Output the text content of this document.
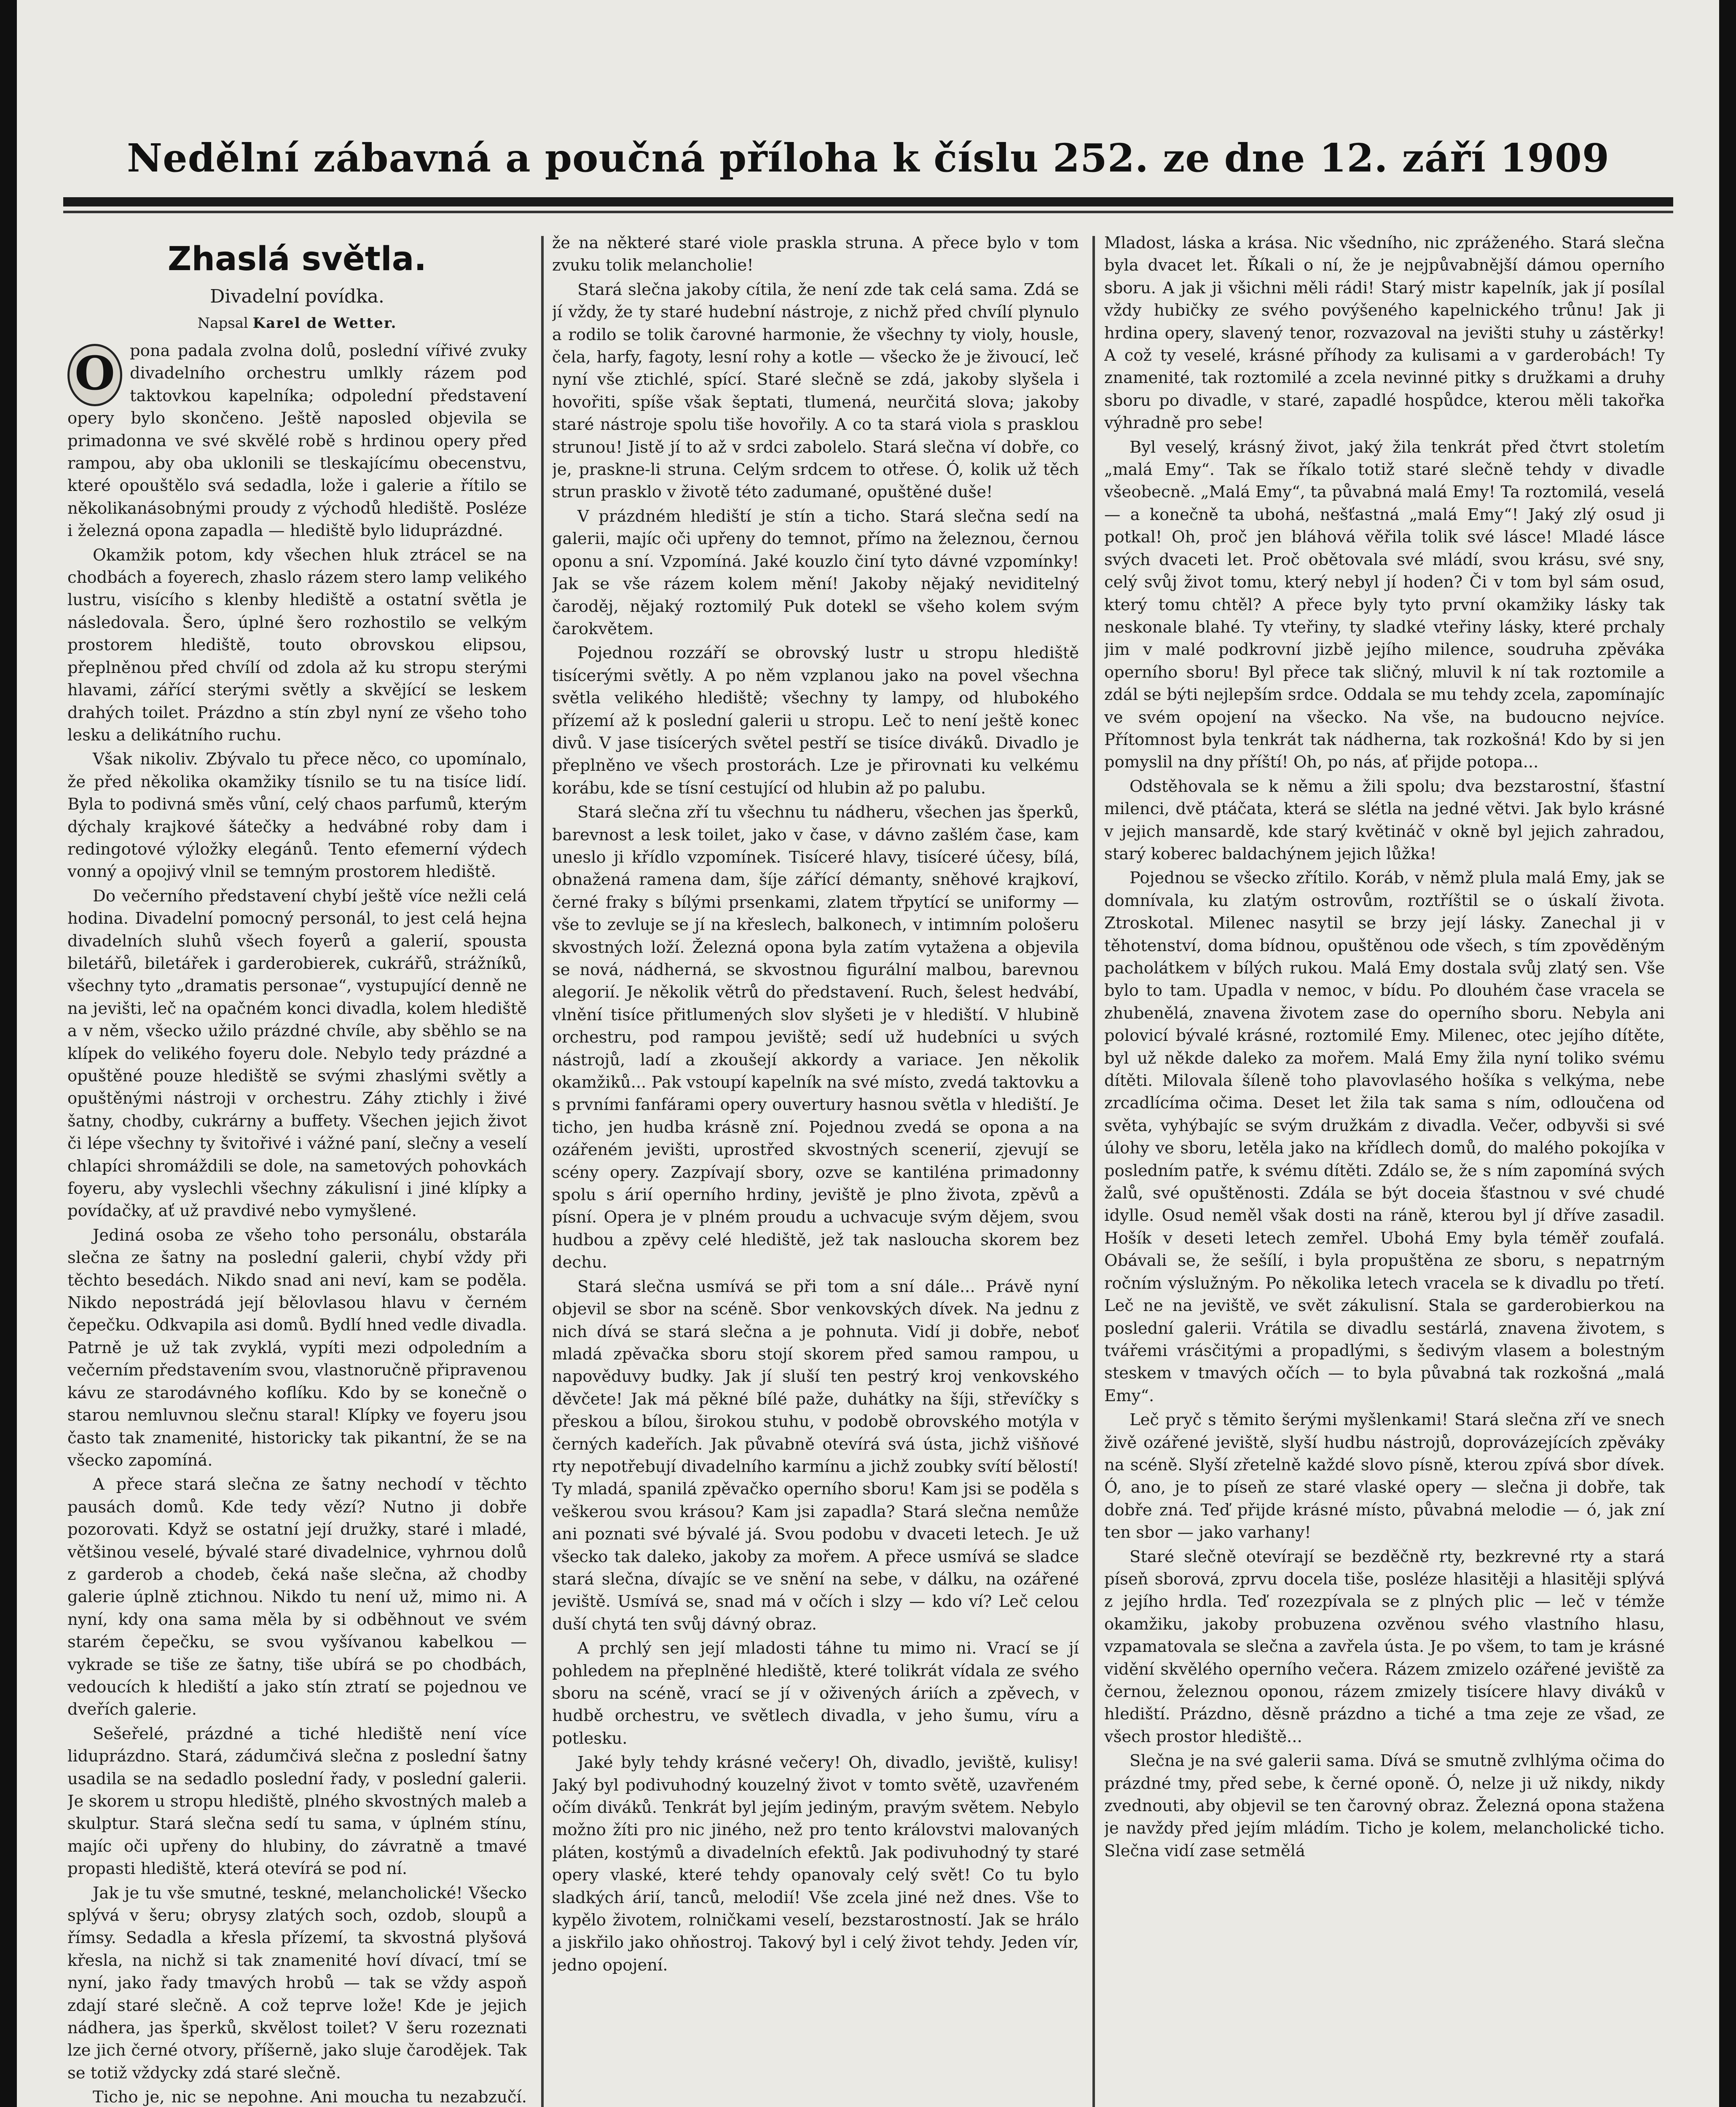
Nedělní zábavná a poučná příloha k číslu 252. ze dne 12. září 1909
Zhaslá světla.
Divadelní povídka.
Napsal Karel de Wetter.
O pona padala zvolna dolů, poslední vířivé zvuky divadelního orchestru umlkly rázem pod taktovkou kapelníka; odpolední představení opery bylo skončeno. Ještě naposled objevila se primadonna ve své skvělé robě s hrdinou opery před rampou, aby oba uklonili se tleskajícímu obecenstvu, které opouštělo svá sedadla, lože i galerie a řítilo se několikanásobnými proudy z východů hlediště. Posléze i železná opona zapadla — hlediště bylo liduprázdné.

Okamžik potom, kdy všechen hluk ztrácel se na chodbách a foyerech, zhaslo rázem stero lamp velikého lustru, visícího s klenby hlediště a ostatní světla je následovala. Šero, úplné šero rozhostilo se velkým prostorem hlediště, touto obrovskou elipsou, přeplněnou před chvílí od zdola až ku stropu sterými hlavami, zářící sterými světly a skvějící se leskem drahých toilet. Prázdno a stín zbyl nyní ze všeho toho lesku a delikátního ruchu.

Však nikoliv. Zbývalo tu přece něco, co upomínalo, že před několika okamžiky tísnilo se tu na tisíce lidí. Byla to podivná směs vůní, celý chaos parfumů, kterým dýchaly krajkové šátečky a hedvábné roby dam i redingotové výložky elegánů. Tento efemerní výdech vonný a opojivý vlnil se temným prostorem hlediště.

Do večerního představení chybí ještě více nežli celá hodina. Divadelní pomocný personál, to jest celá hejna divadelních sluhů všech foyerů a galerií, spousta biletářů, biletářek i garderobierek, cukrářů, strážníků, všechny tyto „dramatis personae“, vystupující denně ne na jevišti, leč na opačném konci divadla, kolem hlediště a v něm, všecko užilo prázdné chvíle, aby sběhlo se na klípek do velikého foyeru dole. Nebylo tedy prázdné a opuštěné pouze hlediště se svými zhaslými světly a opuštěnými nástroji v orchestru. Záhy ztichly i živé šatny, chodby, cukrárny a buffety. Všechen jejich život či lépe všechny ty švitořivé i vážné paní, slečny a veselí chlapíci shromáždili se dole, na sametových pohovkách foyeru, aby vyslechli všechny zákulisní i jiné klípky a povídačky, ať už pravdivé nebo vymyšlené.

Jediná osoba ze všeho toho personálu, obstarála slečna ze šatny na poslední galerii, chybí vždy při těchto besedách. Nikdo snad ani neví, kam se poděla. Nikdo nepostrádá její bělovlasou hlavu v černém čepečku. Odkvapila asi domů. Bydlí hned vedle divadla. Patrně je už tak zvyklá, vypíti mezi odpoledním a večerním představením svou, vlastnoručně připravenou kávu ze starodávného koflíku. Kdo by se konečně o starou nemluvnou slečnu staral! Klípky ve foyeru jsou často tak znamenité, historicky tak pikantní, že se na všecko zapomíná.

A přece stará slečna ze šatny nechodí v těchto pausách domů. Kde tedy vězí? Nutno ji dobře pozorovati. Když se ostatní její družky, staré i mladé, většinou veselé, bývalé staré divadelnice, vyhrnou dolů z garderob a chodeb, čeká naše slečna, až chodby galerie úplně ztichnou. Nikdo tu není už, mimo ni. A nyní, kdy ona sama měla by si odběhnout ve svém starém čepečku, se svou vyšívanou kabelkou — vykrade se tiše ze šatny, tiše ubírá se po chodbách, vedoucích k hlediští a jako stín ztratí se pojednou ve dveřích galerie.

Sešeřelé, prázdné a tiché hlediště není více liduprázdno. Stará, zádumčivá slečna z poslední šatny usadila se na sedadlo poslední řady, v poslední galerii. Je skorem u stropu hlediště, plného skvostných maleb a skulptur. Stará slečna sedí tu sama, v úplném stínu, majíc oči upřeny do hlubiny, do závratně a tmavé propasti hlediště, která otevírá se pod ní.

Jak je tu vše smutné, teskné, melancholické! Všecko splývá v šeru; obrysy zlatých soch, ozdob, sloupů a římsy. Sedadla a křesla přízemí, ta skvostná plyšová křesla, na nichž si tak znamenité hoví dívací, tmí se nyní, jako řady tmavých hrobů — tak se vždy aspoň zdají staré slečně. A což teprve lože! Kde je jejich nádhera, jas šperků, skvělost toilet? V šeru rozeznati lze jich černé otvory, příšerně, jako sluje čarodějek. Tak se totiž vždycky zdá staré slečně.

Ticho je, nic se nepohne. Ani moucha tu nezabzučí.

že na některé staré viole praskla struna. A přece bylo v tom zvuku tolik melancholie!

Stará slečna jakoby cítila, že není zde tak celá sama. Zdá se jí vždy, že ty staré hudební nástroje, z nichž před chvílí plynulo a rodilo se tolik čarovné harmonie, že všechny ty violy, housle, čela, harfy, fagoty, lesní rohy a kotle — všecko že je živoucí, leč nyní vše ztichlé, spící. Staré slečně se zdá, jakoby slyšela i hovořiti, spíše však šeptati, tlumená, neurčitá slova; jakoby staré nástroje spolu tiše hovořily. A co ta stará viola s prasklou strunou! Jistě jí to až v srdci zabolelo. Stará slečna ví dobře, co je, praskne-li struna. Celým srdcem to otřese. Ó, kolik už těch strun prasklo v životě této zadumané, opuštěné duše!

V prázdném hlediští je stín a ticho. Stará slečna sedí na galerii, majíc oči upřeny do temnot, přímo na železnou, černou oponu a sní. Vzpomíná. Jaké kouzlo činí tyto dávné vzpomínky! Jak se vše rázem kolem mění! Jakoby nějaký neviditelný čaroděj, nějaký roztomilý Puk dotekl se všeho kolem svým čarokvětem.

Pojednou rozzáří se obrovský lustr u stropu hlediště tisícerými světly. A po něm vzplanou jako na povel všechna světla velikého hlediště; všechny ty lampy, od hlubokého přízemí až k poslední galerii u stropu. Leč to není ještě konec divů. V jase tisícerých světel pestří se tisíce diváků. Divadlo je přeplněno ve všech prostorách. Lze je přirovnati ku velkému korábu, kde se tísní cestující od hlubin až po palubu.

Stará slečna zří tu všechnu tu nádheru, všechen jas šperků, barevnost a lesk toilet, jako v čase, v dávno zašlém čase, kam uneslo ji křídlo vzpomínek. Tisíceré hlavy, tisíceré účesy, bílá, obnažená ramena dam, šíje zářící démanty, sněhové krajkoví, černé fraky s bílými prsenkami, zlatem třpytící se uniformy — vše to zevluje se jí na křeslech, balkonech, v intimním pološeru skvostných loží. Železná opona byla zatím vytažena a objevila se nová, nádherná, se skvostnou figurální malbou, barevnou alegorií. Je několik větrů do představení. Ruch, šelest hedvábí, vlnění tisíce přitlumených slov slyšeti je v hlediští. V hlubině orchestru, pod rampou jeviště; sedí už hudebníci u svých nástrojů, ladí a zkoušejí akkordy a variace. Jen několik okamžiků... Pak vstoupí kapelník na své místo, zvedá taktovku a s prvními fanfárami opery ouvertury hasnou světla v hlediští. Je ticho, jen hudba krásně zní. Pojednou zvedá se opona a na ozářeném jevišti, uprostřed skvostných scenerií, zjevují se scény opery. Zazpívají sbory, ozve se kantiléna primadonny spolu s árií operního hrdiny, jeviště je plno života, zpěvů a písní. Opera je v plném proudu a uchvacuje svým dějem, svou hudbou a zpěvy celé hlediště, jež tak nasloucha skorem bez dechu.

Stará slečna usmívá se při tom a sní dále... Právě nyní objevil se sbor na scéně. Sbor venkovských dívek. Na jednu z nich dívá se stará slečna a je pohnuta. Vidí ji dobře, neboť mladá zpěvačka sboru stojí skorem před samou rampou, u napověduvy budky. Jak jí sluší ten pestrý kroj venkovského děvčete! Jak má pěkné bílé paže, duhátky na šíji, střevíčky s přeskou a bílou, širokou stuhu, v podobě obrovského motýla v černých kadeřích. Jak půvabně otevírá svá ústa, jichž višňové rty nepotřebují divadelního karmínu a jichž zoubky svítí bělostí! Ty mladá, spanilá zpěvačko operního sboru! Kam jsi se poděla s veškerou svou krásou? Kam jsi zapadla? Stará slečna nemůže ani poznati své bývalé já. Svou podobu v dvaceti letech. Je už všecko tak daleko, jakoby za mořem. A přece usmívá se sladce stará slečna, dívajíc se ve snění na sebe, v dálku, na ozářené jeviště. Usmívá se, snad má v očích i slzy — kdo ví? Leč celou duší chytá ten svůj dávný obraz.

A prchlý sen její mladosti táhne tu mimo ni. Vrací se jí pohledem na přeplněné hlediště, které tolikrát vídala ze svého sboru na scéně, vrací se jí v oživených áriích a zpěvech, v hudbě orchestru, ve světlech divadla, v jeho šumu, víru a potlesku.

Jaké byly tehdy krásné večery! Oh, divadlo, jeviště, kulisy! Jaký byl podivuhodný kouzelný život v tomto světě, uzavřeném očím diváků. Tenkrát byl jejím jediným, pravým světem. Nebylo možno žíti pro nic jiného, než pro tento královstvi malovaných pláten, kostýmů a divadelních efektů. Jak podivuhodný ty staré opery vlaské, které tehdy opanovaly celý svět! Co tu bylo sladkých árií, tanců, melodií! Vše zcela jiné než dnes. Vše to kypělo životem, rolničkami veselí, bezstarostností. Jak se hrálo a jiskřilo jako ohňostroj. Takový byl i celý život tehdy. Jeden vír, jedno opojení.

Mladost, láska a krása. Nic všedního, nic zpráženého. Stará slečna byla dvacet let. Říkali o ní, že je nejpůvabnější dámou operního sboru. A jak ji všichni měli rádi! Starý mistr kapelník, jak jí posílal vždy hubičky ze svého povýšeného kapelnického trůnu! Jak ji hrdina opery, slavený tenor, rozvazoval na jevišti stuhy u zástěrky! A což ty veselé, krásné příhody za kulisami a v garderobách! Ty znamenité, tak roztomilé a zcela nevinné pitky s družkami a druhy sboru po divadle, v staré, zapadlé hospůdce, kterou měli takořka výhradně pro sebe!

Byl veselý, krásný život, jaký žila tenkrát před čtvrt stoletím „malá Emy“. Tak se říkalo totiž staré slečně tehdy v divadle všeobecně. „Malá Emy“, ta půvabná malá Emy! Ta roztomilá, veselá — a konečně ta ubohá, nešťastná „malá Emy“! Jaký zlý osud ji potkal! Oh, proč jen bláhová věřila tolik své lásce! Mladé lásce svých dvaceti let. Proč obětovala své mládí, svou krásu, své sny, celý svůj život tomu, který nebyl jí hoden? Či v tom byl sám osud, který tomu chtěl? A přece byly tyto první okamžiky lásky tak neskonale blahé. Ty vteřiny, ty sladké vteřiny lásky, které prchaly jim v malé podkrovní jizbě jejího milence, soudruha zpěváka operního sboru! Byl přece tak sličný, mluvil k ní tak roztomile a zdál se býti nejlepším srdce. Oddala se mu tehdy zcela, zapomínajíc ve svém opojení na všecko. Na vše, na budoucno nejvíce. Přítomnost byla tenkrát tak nádherna, tak rozkošná! Kdo by si jen pomyslil na dny příští! Oh, po nás, ať přijde potopa...

Odstěhovala se k němu a žili spolu; dva bezstarostní, šťastní milenci, dvě ptáčata, která se slétla na jedné větvi. Jak bylo krásné v jejich mansardě, kde starý květináč v okně byl jejich zahradou, starý koberec baldachýnem jejich lůžka!

Pojednou se všecko zřítilo. Koráb, v němž plula malá Emy, jak se domnívala, ku zlatým ostrovům, roztříštil se o úskalí života. Ztroskotal. Milenec nasytil se brzy její lásky. Zanechal ji v těhotenství, doma bídnou, opuštěnou ode všech, s tím zpověděným pacholátkem v bílých rukou. Malá Emy dostala svůj zlatý sen. Vše bylo to tam. Upadla v nemoc, v bídu. Po dlouhém čase vracela se zhubenělá, znavena životem zase do operního sboru. Nebyla ani polovicí bývalé krásné, roztomilé Emy. Milenec, otec jejího dítěte, byl už někde daleko za mořem. Malá Emy žila nyní toliko svému dítěti. Milovala šíleně toho plavovlasého hošíka s velkýma, nebe zrcadlícíma očima. Deset let žila tak sama s ním, odloučena od světa, vyhýbajíc se svým družkám z divadla. Večer, odbyvši si své úlohy ve sboru, letěla jako na křídlech domů, do malého pokojíka v posledním patře, k svému dítěti. Zdálo se, že s ním zapomíná svých žalů, své opuštěnosti. Zdála se být doceia šťastnou v své chudé idylle. Osud neměl však dosti na ráně, kterou byl jí dříve zasadil. Hošík v deseti letech zemřel. Ubohá Emy byla téměř zoufalá. Obávali se, že sešílí, i byla propuštěna ze sboru, s nepatrným ročním výslužným. Po několika letech vracela se k divadlu po třetí. Leč ne na jeviště, ve svět zákulisní. Stala se garderobierkou na poslední galerii. Vrátila se divadlu sestárlá, znavena životem, s tvářemi vrásčitými a propadlými, s šedivým vlasem a bolestným steskem v tmavých očích — to byla půvabná tak rozkošná „malá Emy“.

Leč pryč s těmito šerými myšlenkami! Stará slečna zří ve snech živě ozářené jeviště, slyší hudbu nástrojů, doprovázejících zpěváky na scéně. Slyší zřetelně každé slovo písně, kterou zpívá sbor dívek. Ó, ano, je to píseň ze staré vlaské opery — slečna ji dobře, tak dobře zná. Teď přijde krásné místo, půvabná melodie — ó, jak zní ten sbor — jako varhany!

Staré slečně otevírají se bezděčně rty, bezkrevné rty a stará píseň sborová, zprvu docela tiše, posléze hlasitěji a hlasitěji splývá z jejího hrdla. Teď rozezpívala se z plných plic — leč v témže okamžiku, jakoby probuzena ozvěnou svého vlastního hlasu, vzpamatovala se slečna a zavřela ústa. Je po všem, to tam je krásné vidění skvělého operního večera. Rázem zmizelo ozářené jeviště za černou, železnou oponou, rázem zmizely tisícere hlavy diváků v hlediští. Prázdno, děsně prázdno a tiché a tma zeje ze všad, ze všech prostor hlediště...

Slečna je na své galerii sama. Dívá se smutně zvlhlýma očima do prázdné tmy, před sebe, k černé oponě. Ó, nelze ji už nikdy, nikdy zvednouti, aby objevil se ten čarovný obraz. Železná opona stažena je navždy před jejím mládím. Ticho je kolem, melancholické ticho. Slečna vidí zase setmělá
